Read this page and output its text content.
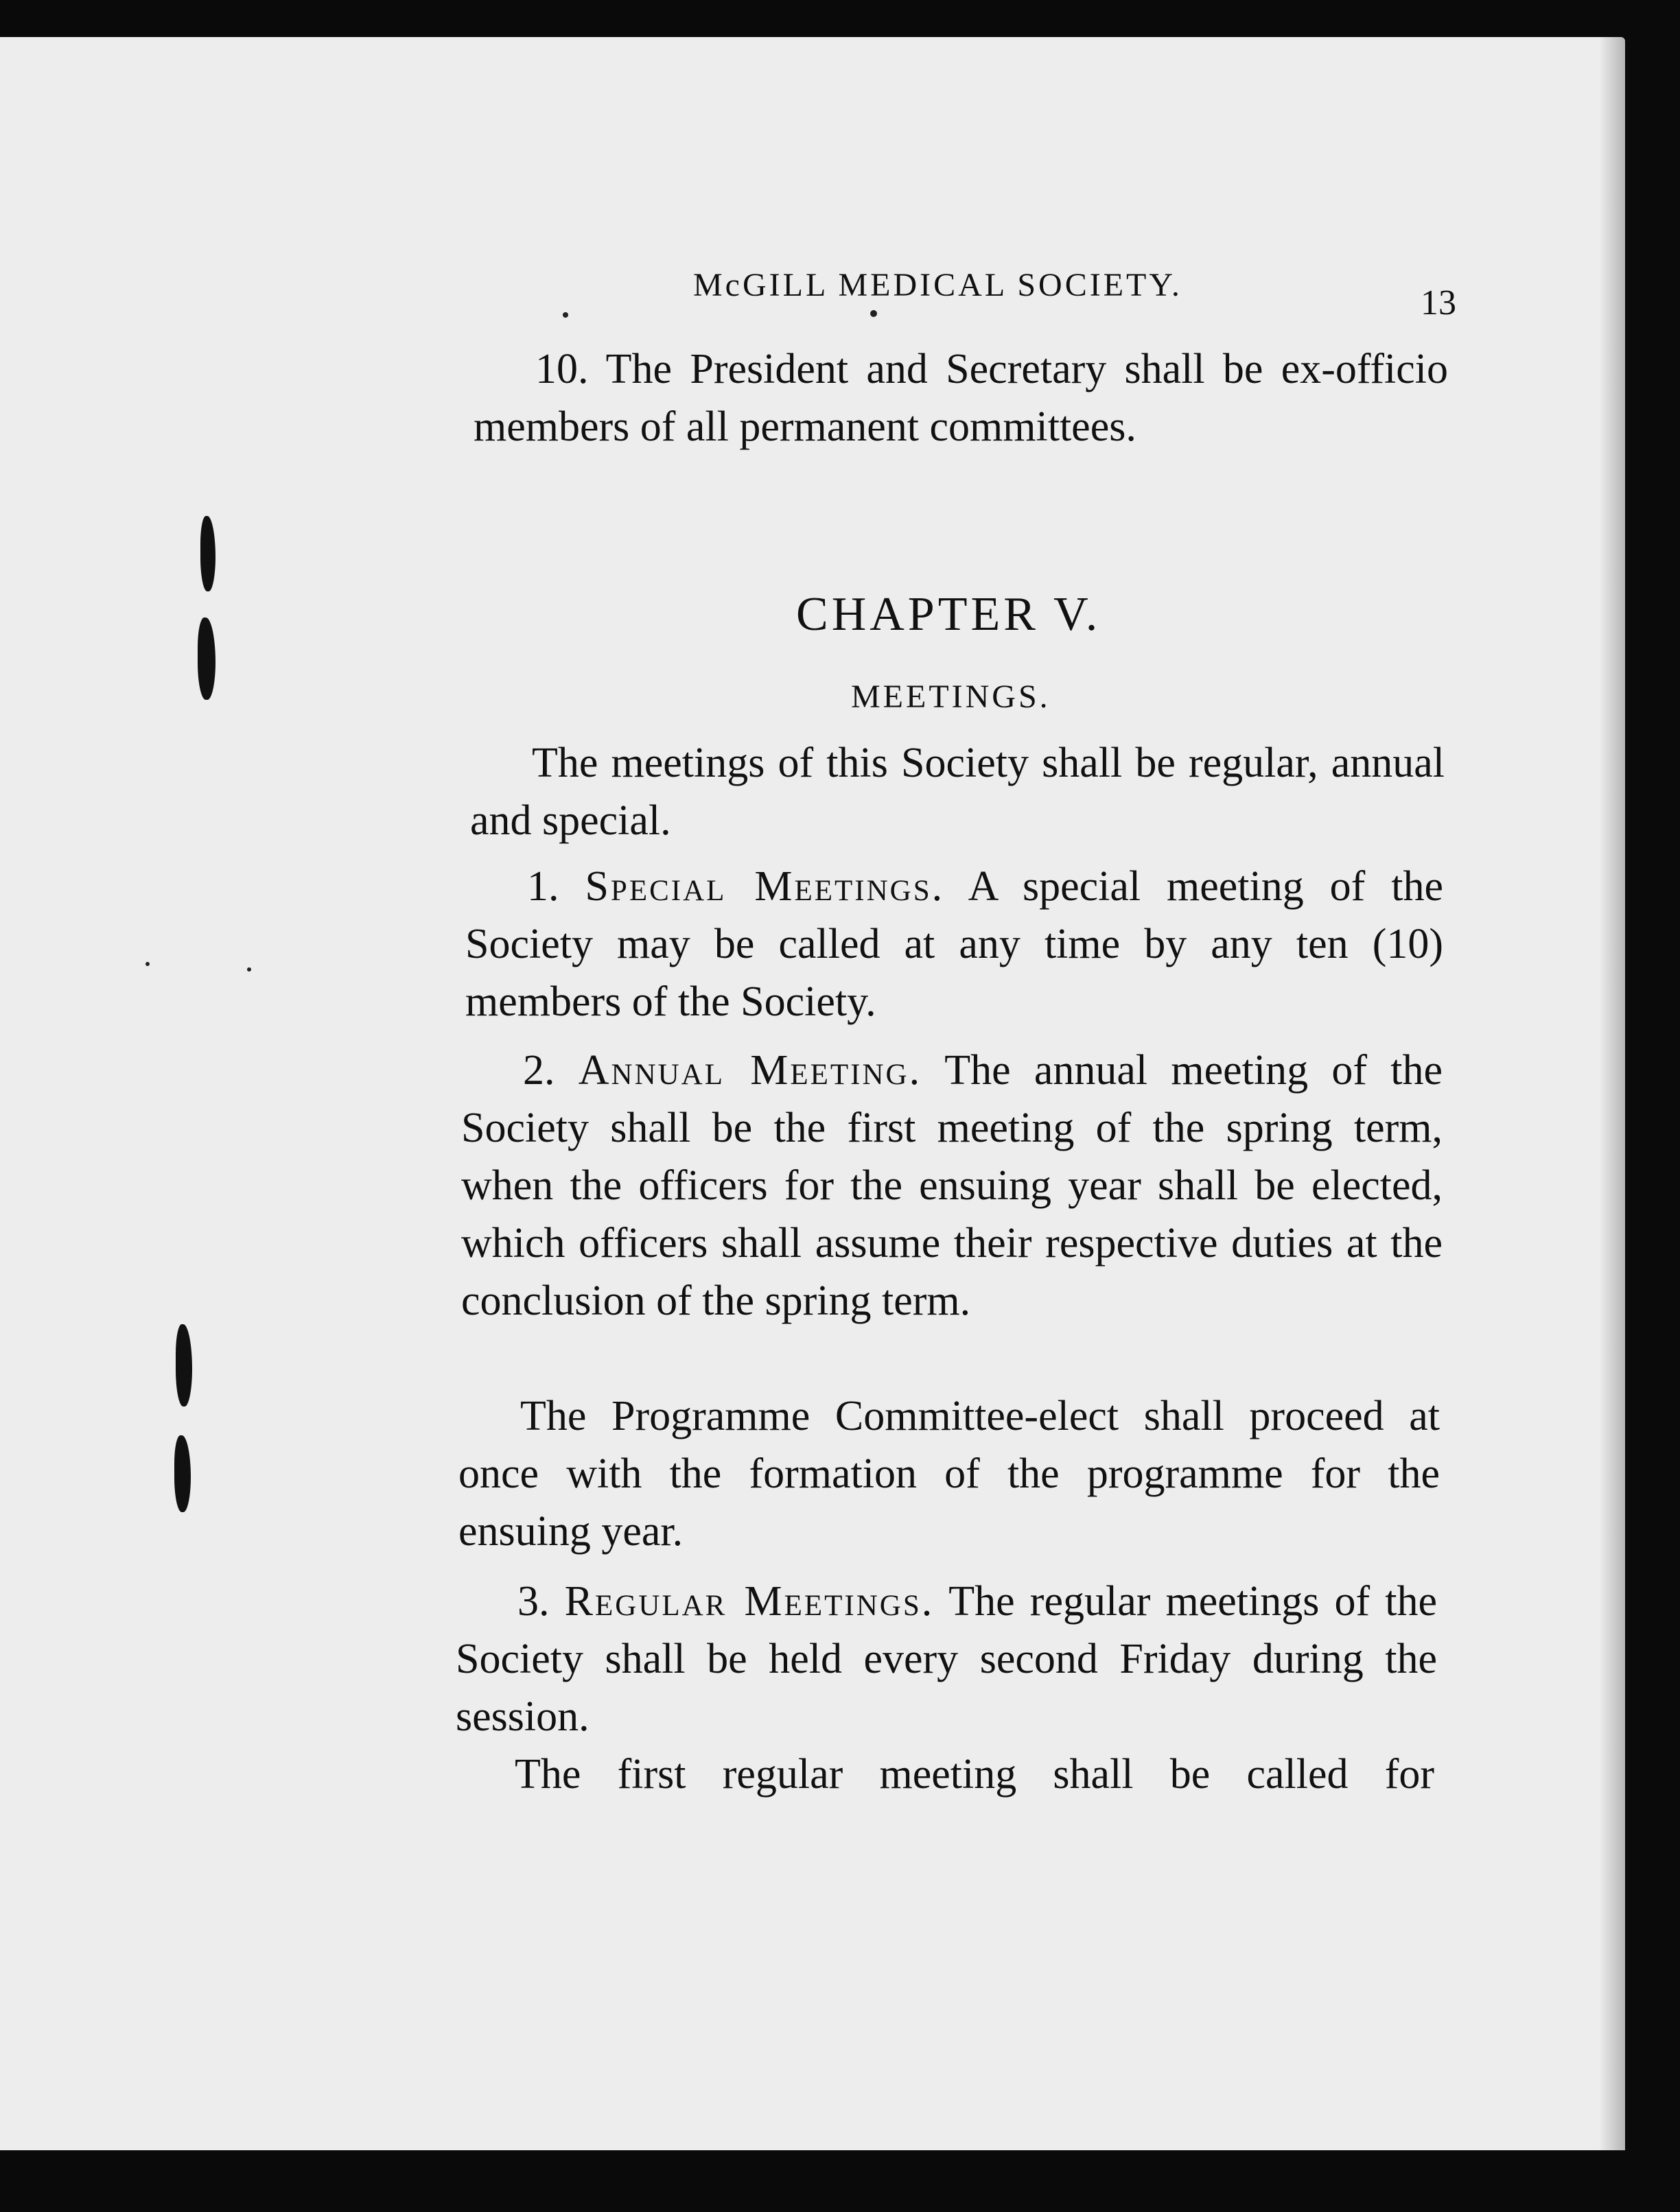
McGILL MEDICAL SOCIETY.	13

10. The President and Secretary shall be ex-officio members of all permanent committees.

CHAPTER V.
MEETINGS.

The meetings of this Society shall be regular, annual and special.

1. Special Meetings. A special meeting of the Society may be called at any time by any ten (10) members of the Society.

2. Annual Meeting. The annual meeting of the Society shall be the first meeting of the spring term, when the officers for the ensuing year shall be elected, which officers shall assume their respective duties at the conclusion of the spring term.

The Programme Committee-elect shall proceed at once with the formation of the programme for the ensuing year.

3. Regular Meetings. The regular meetings of the Society shall be held every second Friday during the session.

The first regular meeting shall be called for
